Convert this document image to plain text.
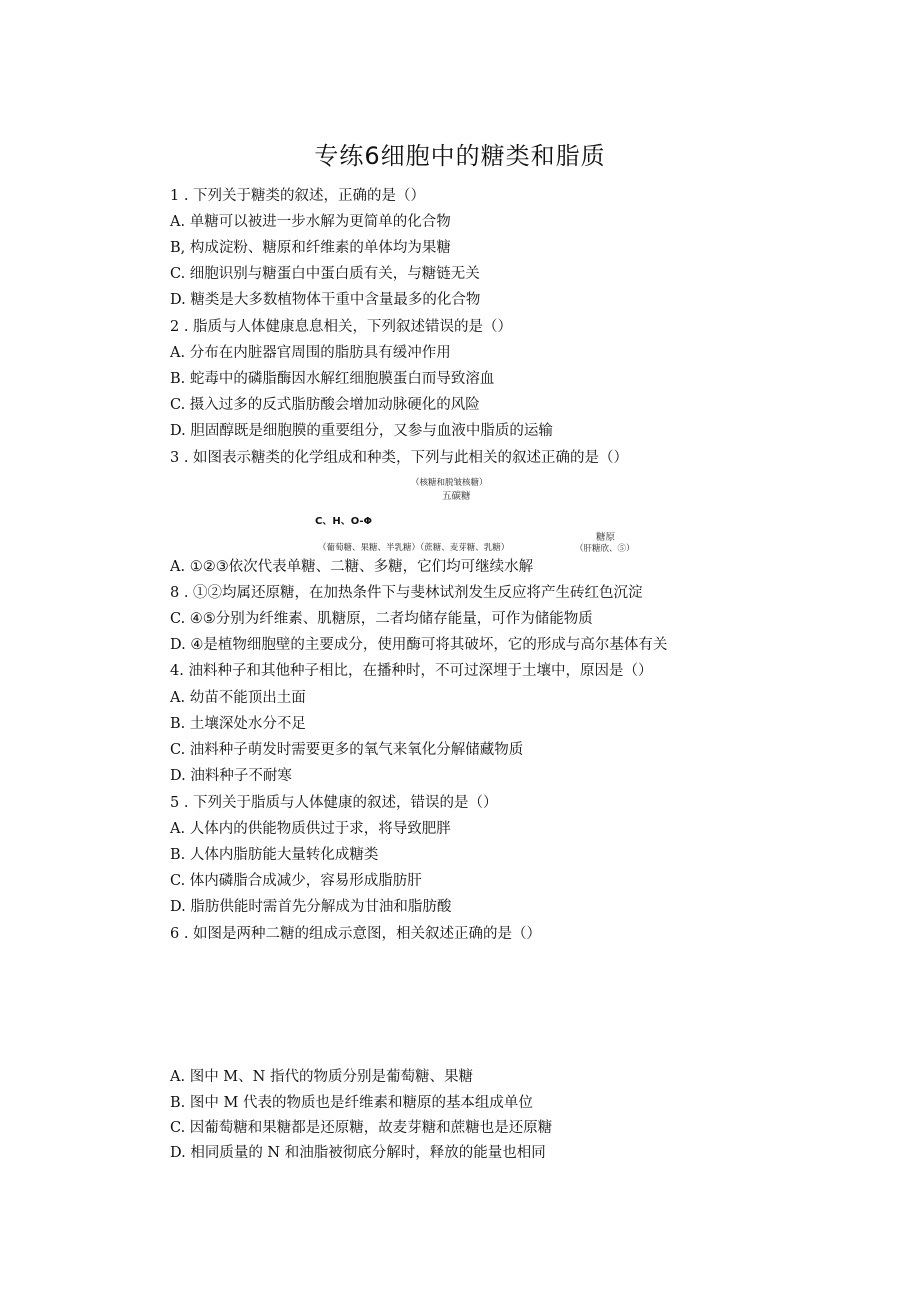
专练6细胞中的糖类和脂质
1 . 下列关于糖类的叙述，正确的是（）
A. 单糖可以被进一步水解为更简单的化合物
B, 构成淀粉、糖原和纤维素的单体均为果糖
C. 细胞识别与糖蛋白中蛋白质有关，与糖链无关
D. 糖类是大多数植物体干重中含量最多的化合物
2 . 脂质与人体健康息息相关，下列叙述错误的是（）
A. 分布在内脏器官周围的脂肪具有缓冲作用
B. 蛇毒中的磷脂酶因水解红细胞膜蛋白而导致溶血
C. 摄入过多的反式脂肪酸会增加动脉硬化的风险
D. 胆固醇既是细胞膜的重要组分，又参与血液中脂质的运输
3 . 如图表示糖类的化学组成和种类，下列与此相关的叙述正确的是（）
（核糖和脱皱核糖）
五碳糖
C、H、O-Φ
糖原
（葡萄糖、果糖、半乳糖）（蔗糖、麦芽糖、乳糖）	（肝糖欣、⑤）
A. ①②③依次代表单糖、二糖、多糖，它们均可继续水解
8 . ①②均属还原糖，在加热条件下与斐林试剂发生反应将产生砖红色沉淀
C. ④⑤分别为纤维素、肌糖原，二者均储存能量，可作为储能物质
D. ④是植物细胞壁的主要成分，使用酶可将其破坏，它的形成与高尔基体有关
4. 油料种子和其他种子相比，在播种时，不可过深埋于土壤中，原因是（）
A. 幼苗不能顶出土面
B. 土壤深处水分不足
C. 油料种子萌发时需要更多的氧气来氧化分解储藏物质
D. 油料种子不耐寒
5 . 下列关于脂质与人体健康的叙述，错误的是（）
A. 人体内的供能物质供过于求，将导致肥胖
B. 人体内脂肪能大量转化成糖类
C. 体内磷脂合成减少，容易形成脂肪肝
D. 脂肪供能时需首先分解成为甘油和脂肪酸
6 . 如图是两种二糖的组成示意图，相关叙述正确的是（）
A. 图中 M、N 指代的物质分别是葡萄糖、果糖
B. 图中 M 代表的物质也是纤维素和糖原的基本组成单位
C. 因葡萄糖和果糖都是还原糖，故麦芽糖和蔗糖也是还原糖
D. 相同质量的 N 和油脂被彻底分解时，释放的能量也相同
